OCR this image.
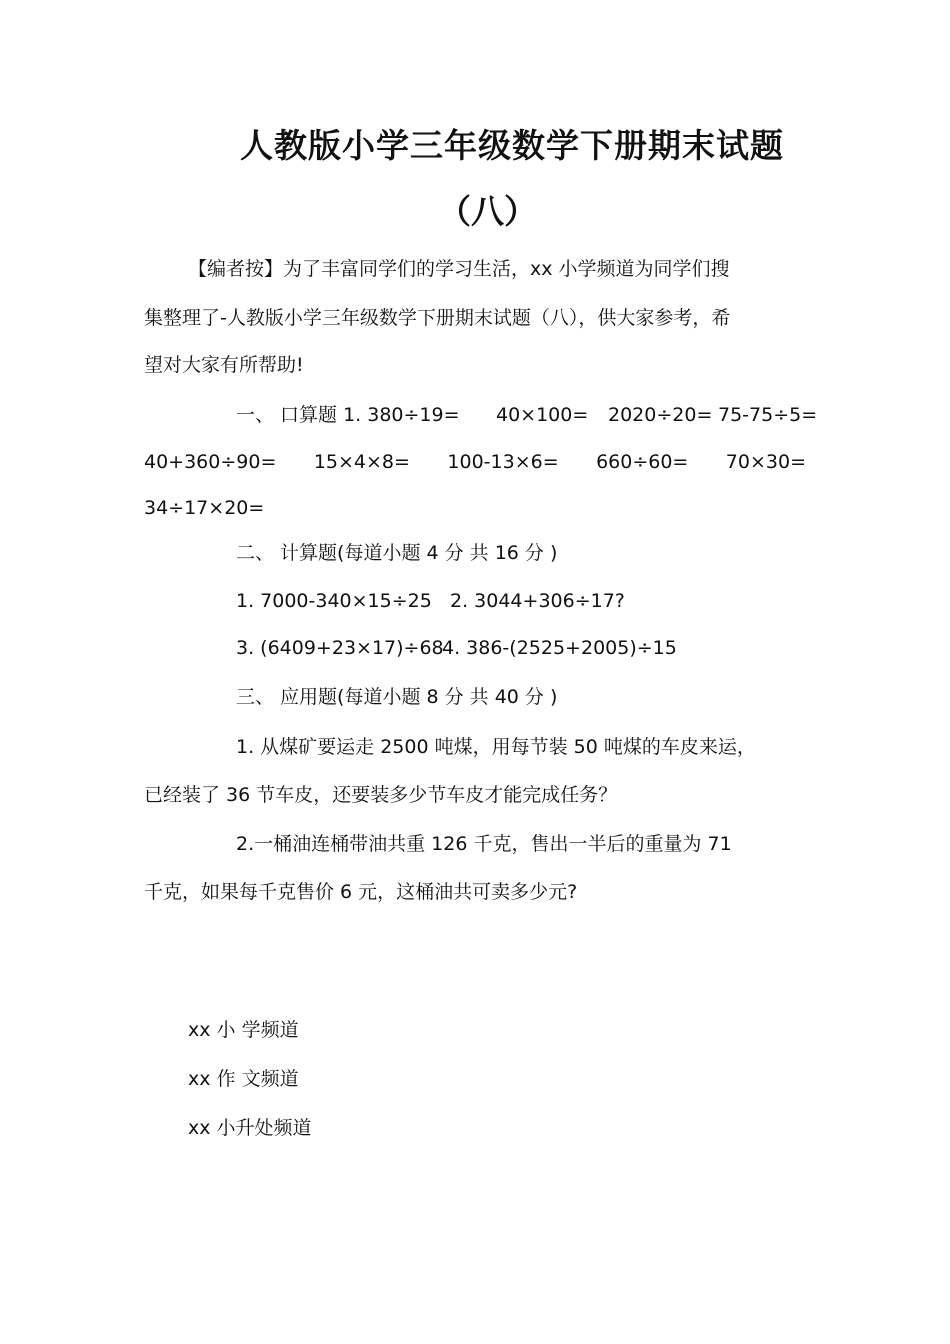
人教版小学三年级数学下册期末试题
（八）
【编者按】为了丰富同学们的学习生活，xx 小学频道为同学们搜
集整理了-人教版小学三年级数学下册期末试题（八），供大家参考，希
望对大家有所帮助!
一、 口算题 1. 380÷19= 40×100= 2020÷20= 75-75÷5=
40+360÷90= 15×4×8= 100-13×6= 660÷60= 70×30=
34÷17×20=
二、 计算题(每道小题 4 分 共 16 分 )
1. 7000-340×15÷25 2. 3044+306÷17?
3. (6409+23×17)÷68
4. 386-(2525+2005)÷15
三、 应用题(每道小题 8 分 共 40 分 )
1. 从煤矿要运走 2500 吨煤，用每节装 50 吨煤的车皮来运，
已经装了 36 节车皮，还要装多少节车皮才能完成任务？
2.一桶油连桶带油共重 126 千克，售出一半后的重量为 71
千克，如果每千克售价 6 元，这桶油共可卖多少元?
xx 小 学频道
xx 作 文频道
xx 小升处频道
